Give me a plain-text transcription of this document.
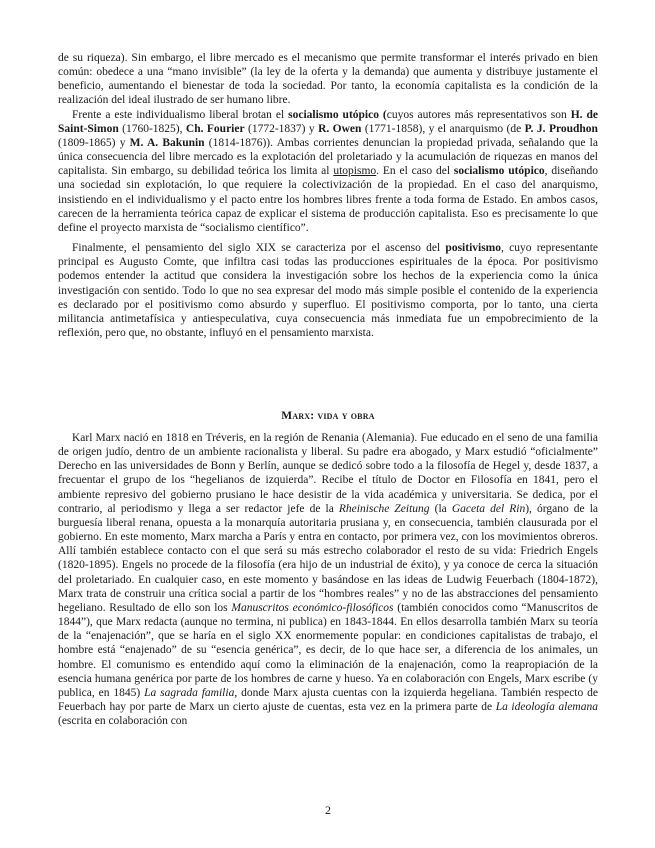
de su riqueza). Sin embargo, el libre mercado es el mecanismo que permite transformar el interés privado en bien común: obedece a una “mano invisible” (la ley de la oferta y la demanda) que aumenta y distribuye justamente el beneficio, aumentando el bienestar de toda la sociedad. Por tanto, la economía capitalista es la condición de la realización del ideal ilustrado de ser humano libre.

Frente a este individualismo liberal brotan el socialismo utópico (cuyos autores más representativos son H. de Saint-Simon (1760-1825), Ch. Fourier (1772-1837) y R. Owen (1771-1858), y el anarquismo (de P. J. Proudhon (1809-1865) y M. A. Bakunin (1814-1876)). Ambas corrientes denuncian la propiedad privada, señalando que la única consecuencia del libre mercado es la explotación del proletariado y la acumulación de riquezas en manos del capitalista. Sin embargo, su debilidad teórica los limita al utopismo. En el caso del socialismo utópico, diseñando una sociedad sin explotación, lo que requiere la colectivización de la propiedad. En el caso del anarquismo, insistiendo en el individualismo y el pacto entre los hombres libres frente a toda forma de Estado. En ambos casos, carecen de la herramienta teórica capaz de explicar el sistema de producción capitalista. Eso es precisamente lo que define el proyecto marxista de “socialismo científico”.

Finalmente, el pensamiento del siglo XIX se caracteriza por el ascenso del positivismo, cuyo representante principal es Augusto Comte, que infiltra casi todas las producciones espirituales de la época. Por positivismo podemos entender la actitud que considera la investigación sobre los hechos de la experiencia como la única investigación con sentido. Todo lo que no sea expresar del modo más simple posible el contenido de la experiencia es declarado por el positivismo como absurdo y superfluo. El positivismo comporta, por lo tanto, una cierta militancia antimetafísica y antiespeculativa, cuya consecuencia más inmediata fue un empobrecimiento de la reflexión, pero que, no obstante, influyó en el pensamiento marxista.

Marx: vida y obra

Karl Marx nació en 1818 en Tréveris, en la región de Renania (Alemania). Fue educado en el seno de una familia de origen judío, dentro de un ambiente racionalista y liberal. Su padre era abogado, y Marx estudió “oficialmente” Derecho en las universidades de Bonn y Berlín, aunque se dedicó sobre todo a la filosofía de Hegel y, desde 1837, a frecuentar el grupo de los “hegelianos de izquierda”. Recibe el título de Doctor en Filosofía en 1841, pero el ambiente represivo del gobierno prusiano le hace desistir de la vida académica y universitaria. Se dedica, por el contrario, al periodismo y llega a ser redactor jefe de la Rheinische Zeitung (la Gaceta del Rin), órgano de la burguesía liberal renana, opuesta a la monarquía autoritaria prusiana y, en consecuencia, también clausurada por el gobierno. En este momento, Marx marcha a París y entra en contacto, por primera vez, con los movimientos obreros. Allí también establece contacto con el que será su más estrecho colaborador el resto de su vida: Friedrich Engels (1820-1895). Engels no procede de la filosofía (era hijo de un industrial de éxito), y ya conoce de cerca la situación del proletariado. En cualquier caso, en este momento y basándose en las ideas de Ludwig Feuerbach (1804-1872), Marx trata de construir una crítica social a partir de los “hombres reales” y no de las abstracciones del pensamiento hegeliano. Resultado de ello son los Manuscritos económico-filosóficos (también conocidos como “Manuscritos de 1844”), que Marx redacta (aunque no termina, ni publica) en 1843-1844. En ellos desarrolla también Marx su teoría de la “enajenación”, que se haría en el siglo XX enormemente popular: en condiciones capitalistas de trabajo, el hombre está “enajenado” de su “esencia genérica”, es decir, de lo que hace ser, a diferencia de los animales, un hombre. El comunismo es entendido aquí como la eliminación de la enajenación, como la reapropiación de la esencia humana genérica por parte de los hombres de carne y hueso. Ya en colaboración con Engels, Marx escribe (y publica, en 1845) La sagrada familia, donde Marx ajusta cuentas con la izquierda hegeliana. También respecto de Feuerbach hay por parte de Marx un cierto ajuste de cuentas, esta vez en la primera parte de La ideología alemana (escrita en colaboración con

2
